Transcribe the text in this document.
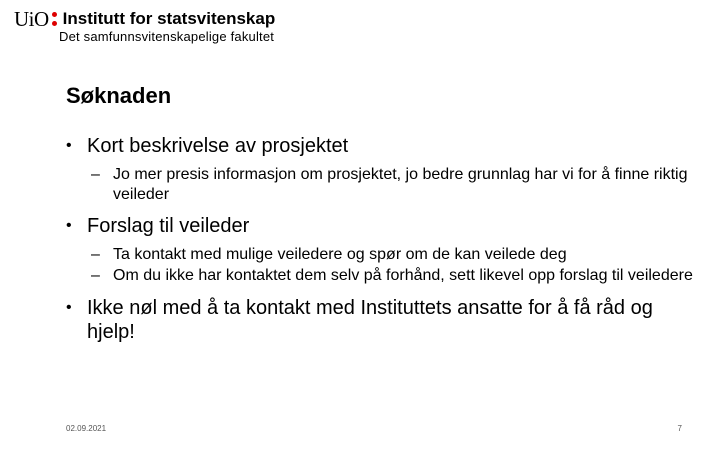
UiO Institutt for statsvitenskap
Det samfunnsvitenskapelige fakultet
Søknaden
• Kort beskrivelse av prosjektet
– Jo mer presis informasjon om prosjektet, jo bedre grunnlag har vi for å finne riktig veileder
• Forslag til veileder
– Ta kontakt med mulige veiledere og spør om de kan veilede deg
– Om du ikke har kontaktet dem selv på forhånd, sett likevel opp forslag til veiledere
• Ikke nøl med å ta kontakt med Instituttets ansatte for å få råd og hjelp!
02.09.2021	7
